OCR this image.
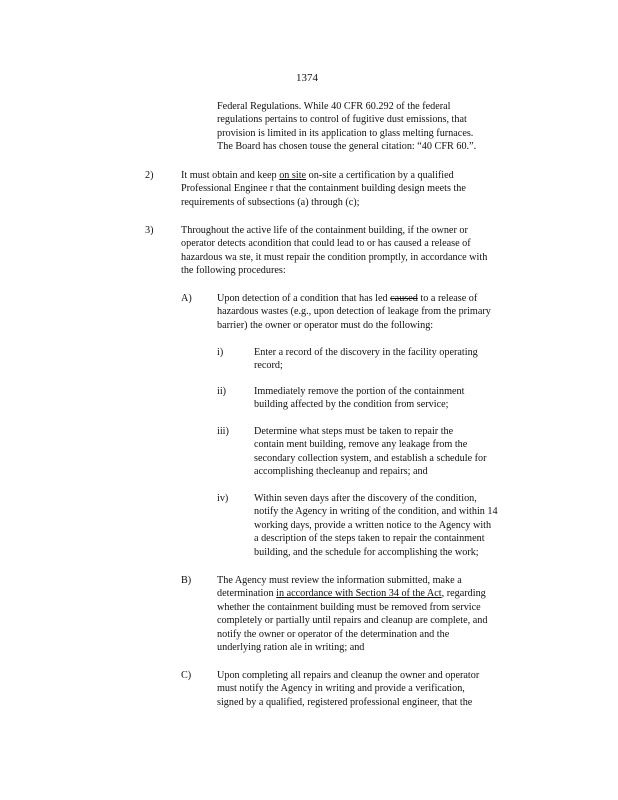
1374

Federal Regulations. While 40 CFR 60.292 of the federal

regulations pertains to control of fugitive dust emissions, that

provision is limited in its application to glass melting furnaces.

The Board has chosen touse the general citation: “40 CFR 60.”.

2)	It must obtain and keep on site on-site a certification by a qualified

Professional Enginee r that the containment building design meets the

requirements of subsections (a) through (c);

3)	Throughout the active life of the containment building, if the owner or

operator detects acondition that could lead to or has caused a release of

hazardous wa ste, it must repair the condition promptly, in accordance with

the following procedures:

A) Upon detection of a condition that has led caused to a release of

hazardous wastes (e.g., upon detection of leakage from the primary

barrier) the owner or operator must do the following:

i)	Enter a record of the discovery in the facility operating

record;

ii)	Immediately remove the portion of the containment

building affected by the condition from service;

iii) Determine what steps must be taken to repair the

contain ment building, remove any leakage from the

secondary collection system, and establish a schedule for

accomplishing thecleanup and repairs; and

iv)	Within seven days after the discovery of the condition,

notify the Agency in writing of the condition, and within 14

working days, provide a written notice to the Agency with

a description of the steps taken to repair the containment

building, and the schedule for accomplishing the work;

B)	The Agency must review the information submitted, make a

determination in accordance with Section 34 of the Act, regarding

whether the containment building must be removed from service

completely or partially until repairs and cleanup are complete, and

notify the owner or operator of the determination and the

underlying ration ale in writing; and

C)	Upon completing all repairs and cleanup the owner and operator

must notify the Agency in writing and provide a verification,

signed by a qualified, registered professional engineer, that the
